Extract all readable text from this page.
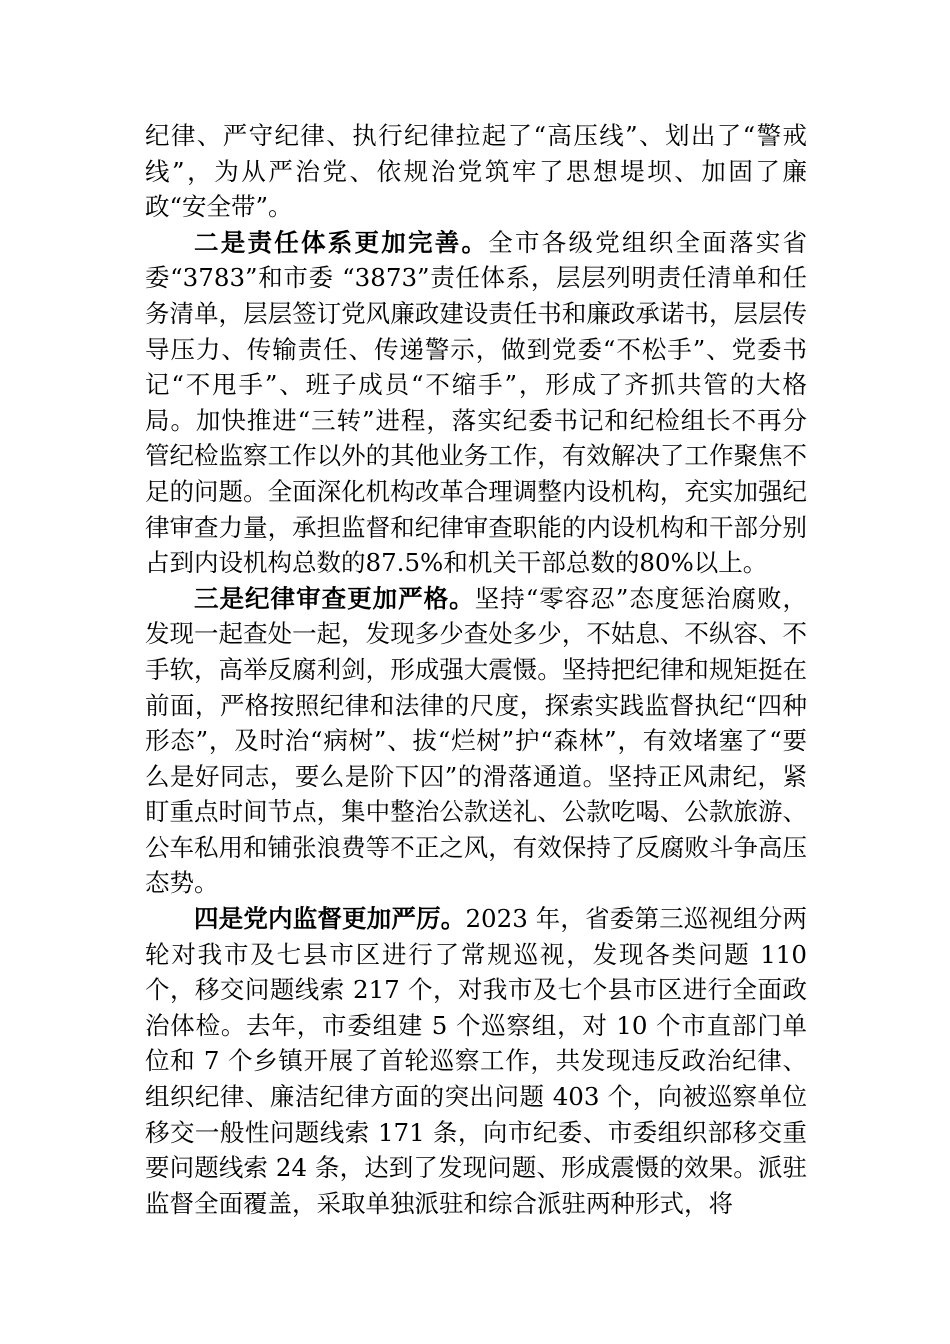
纪律、严守纪律、执行纪律拉起了“高压线”、划出了“警戒线”，为从严治党、依规治党筑牢了思想堤坝、加固了廉政“安全带”。

二是责任体系更加完善。全市各级党组织全面落实省委“3783”和市委 “3873”责任体系，层层列明责任清单和任务清单，层层签订党风廉政建设责任书和廉政承诺书，层层传导压力、传输责任、传递警示，做到党委“不松手”、党委书记“不甩手”、班子成员“不缩手”，形成了齐抓共管的大格局。加快推进“三转”进程，落实纪委书记和纪检组长不再分管纪检监察工作以外的其他业务工作，有效解决了工作聚焦不足的问题。全面深化机构改革合理调整内设机构，充实加强纪律审查力量，承担监督和纪律审查职能的内设机构和干部分别占到内设机构总数的87.5%和机关干部总数的80%以上。

三是纪律审查更加严格。坚持“零容忍”态度惩治腐败，发现一起查处一起，发现多少查处多少，不姑息、不纵容、不手软，高举反腐利剑，形成强大震慑。坚持把纪律和规矩挺在前面，严格按照纪律和法律的尺度，探索实践监督执纪“四种形态”，及时治“病树”、拔“烂树”护“森林”，有效堵塞了“要么是好同志，要么是阶下囚”的滑落通道。坚持正风肃纪，紧盯重点时间节点，集中整治公款送礼、公款吃喝、公款旅游、公车私用和铺张浪费等不正之风，有效保持了反腐败斗争高压态势。

四是党内监督更加严厉。2023 年，省委第三巡视组分两轮对我市及七县市区进行了常规巡视，发现各类问题 110 个，移交问题线索 217 个，对我市及七个县市区进行全面政治体检。去年，市委组建 5 个巡察组，对 10 个市直部门单位和 7 个乡镇开展了首轮巡察工作，共发现违反政治纪律、组织纪律、廉洁纪律方面的突出问题 403 个，向被巡察单位移交一般性问题线索 171 条，向市纪委、市委组织部移交重要问题线索 24 条，达到了发现问题、形成震慑的效果。派驻监督全面覆盖，采取单独派驻和综合派驻两种形式，将
